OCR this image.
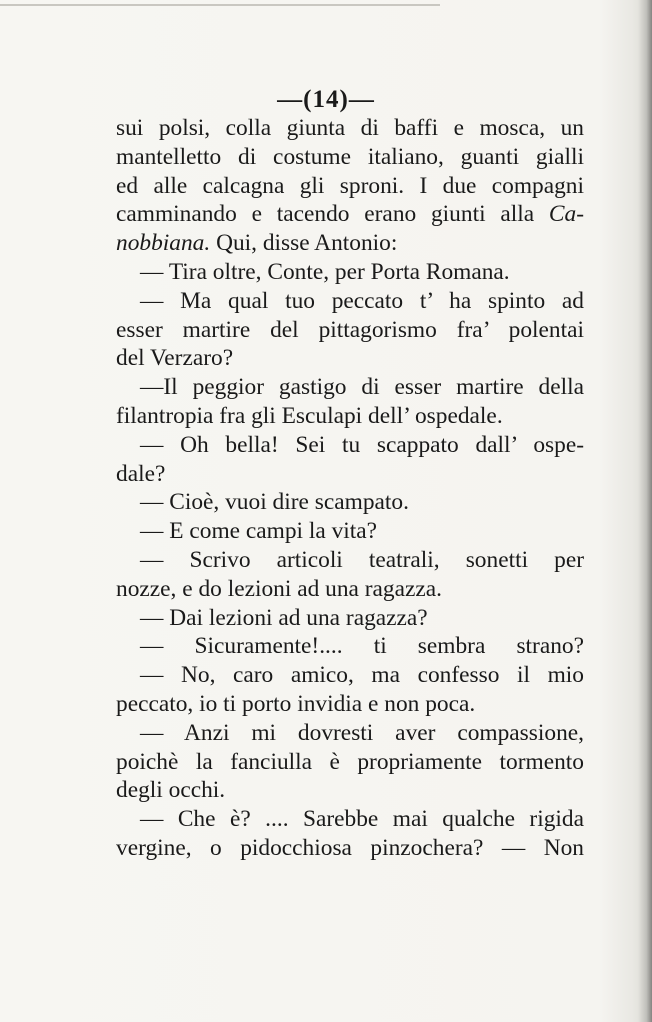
—(14)—
sui polsi, colla giunta di baffi e mosca, un
mantelletto di costume italiano, guanti gialli
ed alle calcagna gli sproni. I due compagni
camminando e tacendo erano giunti alla Ca-
nobbiana. Qui, disse Antonio:
— Tira oltre, Conte, per Porta Romana.
— Ma qual tuo peccato t’ ha spinto ad
esser martire del pittagorismo fra’ polentai
del Verzaro?
—Il peggior gastigo di esser martire della
filantropia fra gli Esculapi dell’ ospedale.
— Oh bella! Sei tu scappato dall’ ospe-
dale?
— Cioè, vuoi dire scampato.
— E come campi la vita?
— Scrivo articoli teatrali, sonetti per
nozze, e do lezioni ad una ragazza.
— Dai lezioni ad una ragazza?
— Sicuramente!.... ti sembra strano?
— No, caro amico, ma confesso il mio
peccato, io ti porto invidia e non poca.
— Anzi mi dovresti aver compassione,
poichè la fanciulla è propriamente tormento
degli occhi.
— Che è? .... Sarebbe mai qualche rigida
vergine, o pidocchiosa pinzochera? — Non
